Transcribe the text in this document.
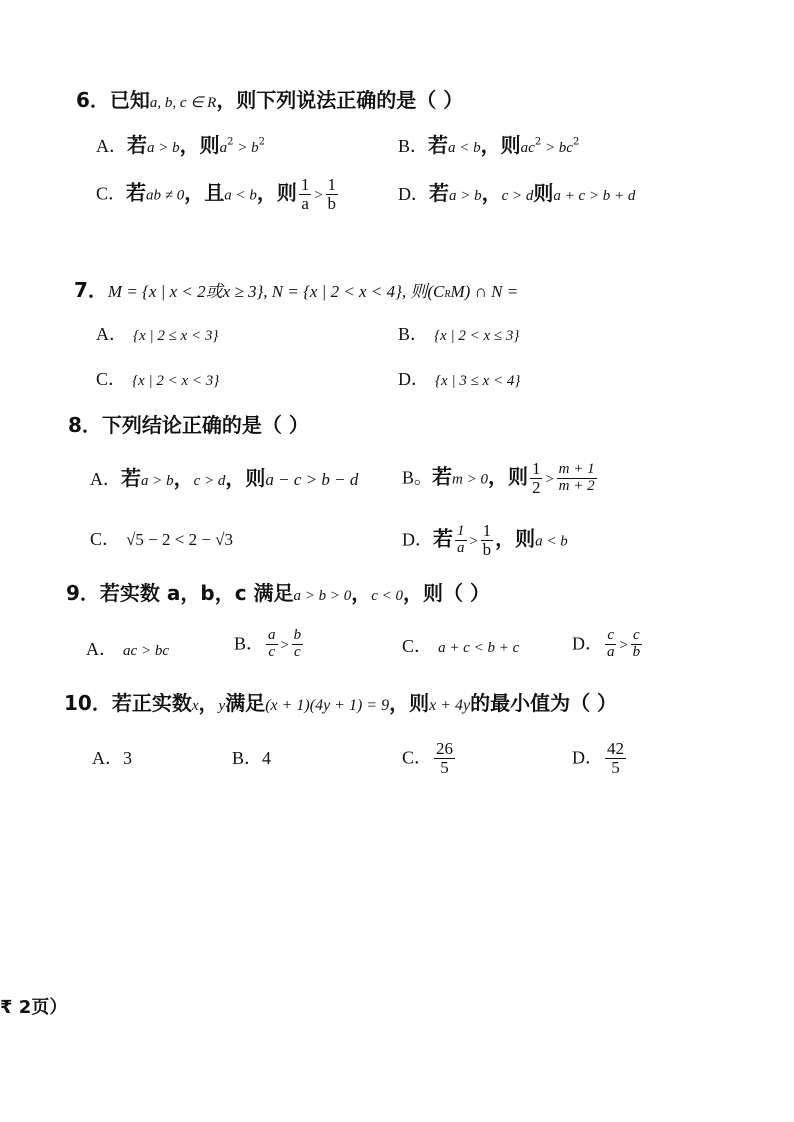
6．已知a, b, c ∈ R，则下列说法正确的是（ ）
A．若a > b，则$a^2 > b^2$	B．若a < b，则$ac^2 > bc^2$
C．若ab ≠ 0，且a < b，则 $\frac{1}{a} > \frac{1}{b}$	D．若a > b，c > d则a + c > b + d
7．M = {x | x < 2或x ≥ 3}, N = {x | 2 < x < 4}, 则(CRM) ∩ N =
A． {x | 2 ≤ x < 3}	B． {x | 2 < x ≤ 3}
C． {x | 2 < x < 3}	D． {x | 3 ≤ x < 4}
8．下列结论正确的是（ ）
A．若a > b，c > d，则a − c > b − d B。若m > 0，则 $\frac{1}{2} > \frac{m + 1}{m + 2}$
C． √5 − 2 < 2 − √3	D．若 $\frac{1}{a} > \frac{1}{b}$ ，则a < b
9．若实数 a，b，c 满足a > b > 0，c < 0，则（ ）
A． ac > bc	B． $\frac{a}{c} > \frac{b}{c}$	C． a + c < b + c	D． $\frac{c}{a} > \frac{c}{b}$
10．若正实数x，y满足(x + 1)(4y + 1) = 9，则x + 4y的最小值为（ ）
A．3	B．4	C． $\frac{26}{5}$	D． $\frac{42}{5}$
₹ 2页）
